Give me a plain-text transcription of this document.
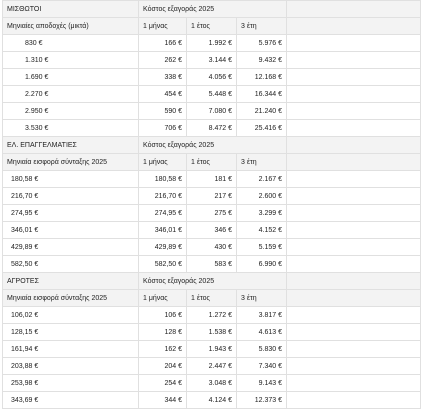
ΜΙΣΘΩΤΟΙ	Κόστος εξαγοράς 2025			
Μηνιαίες αποδοχές (μικτά)	1 μήνας	1 έτος	3 έτη	
830 €	166 €	1.992 €	5.976 €	
1.310 €	262 €	3.144 €	9.432 €	
1.690 €	338 €	4.056 €	12.168 €	
2.270 €	454 €	5.448 €	16.344 €	
2.950 €	590 €	7.080 €	21.240 €	
3.530 €	706 €	8.472 €	25.416 €	
ΕΛ. ΕΠΑΓΓΕΛΜΑΤΙΕΣ	Κόστος εξαγοράς 2025			
Μηνιαία εισφορά σύνταξης 2025	1 μήνας	1 έτος	3 έτη	
180,58 €	180,58 €	181 €	2.167 €	
216,70 €	216,70 €	217 €	2.600 €	
274,95 €	274,95 €	275 €	3.299 €	
346,01 €	346,01 €	346 €	4.152 €	
429,89 €	429,89 €	430 €	5.159 €	
582,50 €	582,50 €	583 €	6.990 €	
ΑΓΡΟΤΕΣ	Κόστος εξαγοράς 2025			
Μηνιαία εισφορά σύνταξης 2025	1 μήνας	1 έτος	3 έτη	
106,02 €	106 €	1.272 €	3.817 €	
128,15 €	128 €	1.538 €	4.613 €	
161,94 €	162 €	1.943 €	5.830 €	
203,88 €	204 €	2.447 €	7.340 €	
253,98 €	254 €	3.048 €	9.143 €	
343,69 €	344 €	4.124 €	12.373 €	
